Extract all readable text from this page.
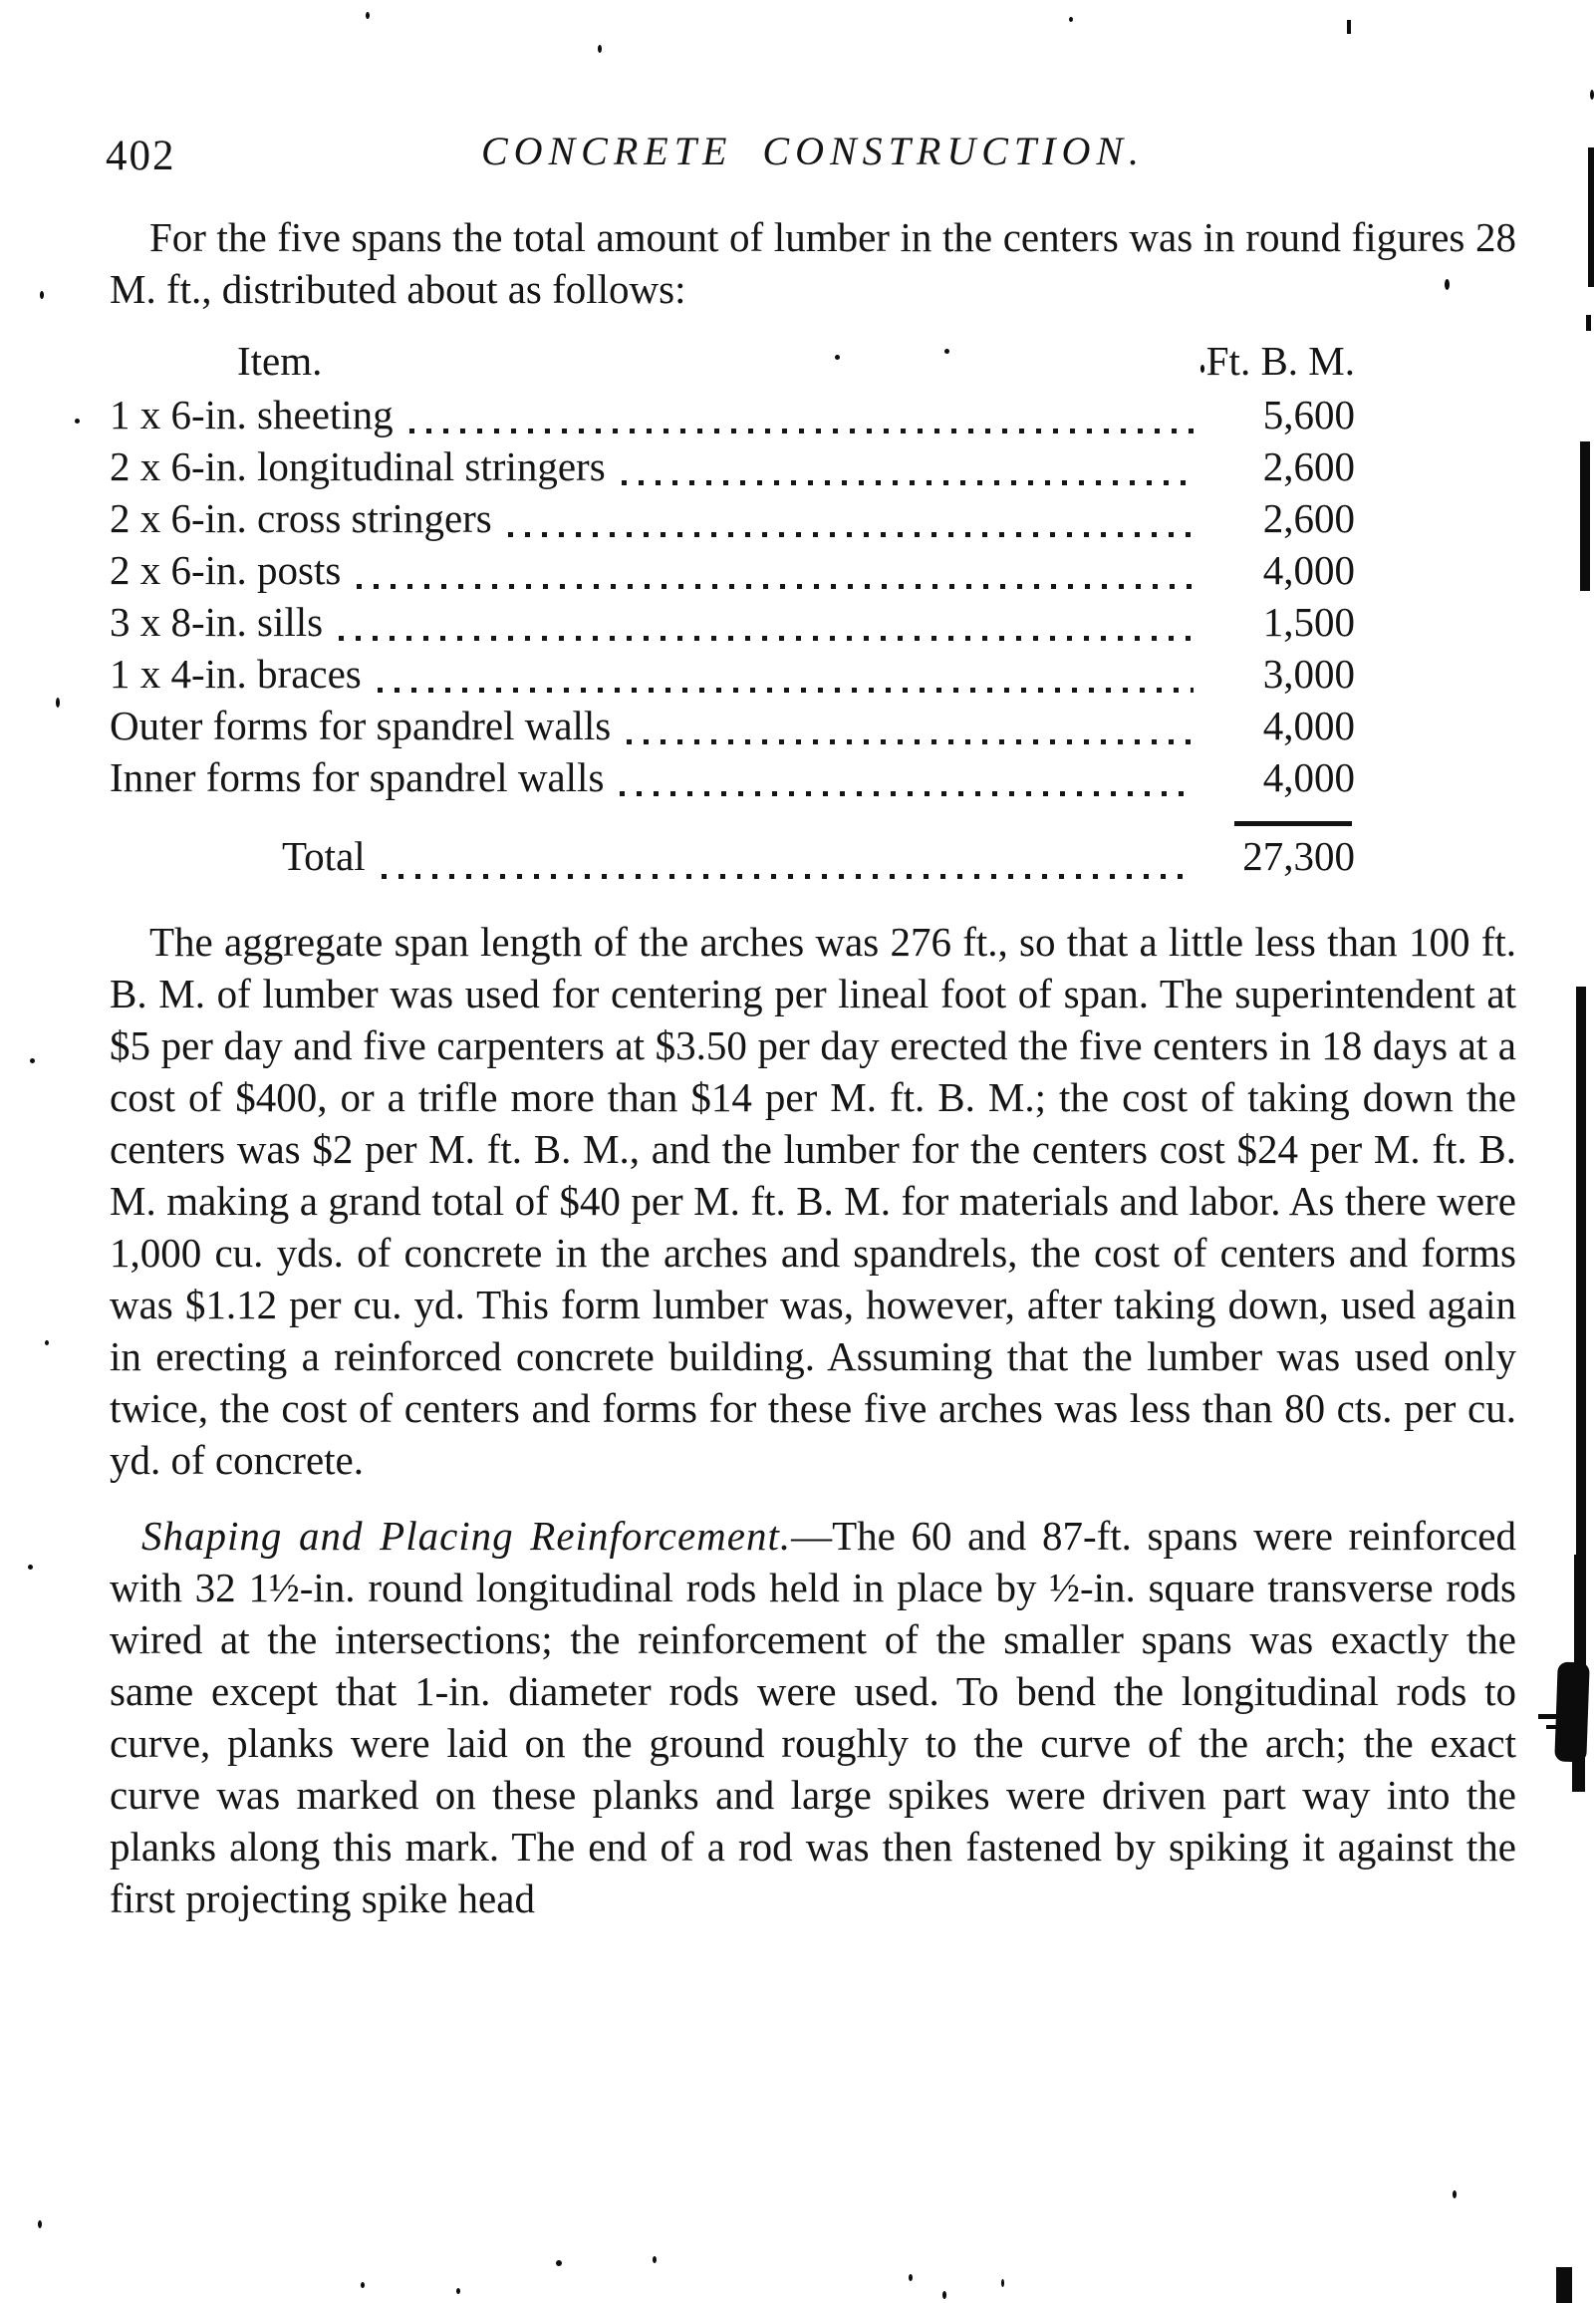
402	CONCRETE CONSTRUCTION.

For the five spans the total amount of lumber in the centers was in round figures 28 M. ft., distributed about as follows:

Item.	Ft. B. M.
1 x 6-in. sheeting	5,600
2 x 6-in. longitudinal stringers	2,600
2 x 6-in. cross stringers	2,600
2 x 6-in. posts	4,000
3 x 8-in. sills	1,500
1 x 4-in. braces	3,000
Outer forms for spandrel walls	4,000
Inner forms for spandrel walls	4,000
Total	27,300

The aggregate span length of the arches was 276 ft., so that a little less than 100 ft. B. M. of lumber was used for centering per lineal foot of span. The superintendent at $5 per day and five carpenters at $3.50 per day erected the five centers in 18 days at a cost of $400, or a trifle more than $14 per M. ft. B. M.; the cost of taking down the centers was $2 per M. ft. B. M., and the lumber for the centers cost $24 per M. ft. B. M. making a grand total of $40 per M. ft. B. M. for materials and labor. As there were 1,000 cu. yds. of concrete in the arches and spandrels, the cost of centers and forms was $1.12 per cu. yd. This form lumber was, however, after taking down, used again in erecting a reinforced concrete building. Assuming that the lumber was used only twice, the cost of centers and forms for these five arches was less than 80 cts. per cu. yd. of concrete.

Shaping and Placing Reinforcement.—The 60 and 87-ft. spans were reinforced with 32 1½-in. round longitudinal rods held in place by ½-in. square transverse rods wired at the intersections; the reinforcement of the smaller spans was exactly the same except that 1-in. diameter rods were used. To bend the longitudinal rods to curve, planks were laid on the ground roughly to the curve of the arch; the exact curve was marked on these planks and large spikes were driven part way into the planks along this mark. The end of a rod was then fastened by spiking it against the first projecting spike head
